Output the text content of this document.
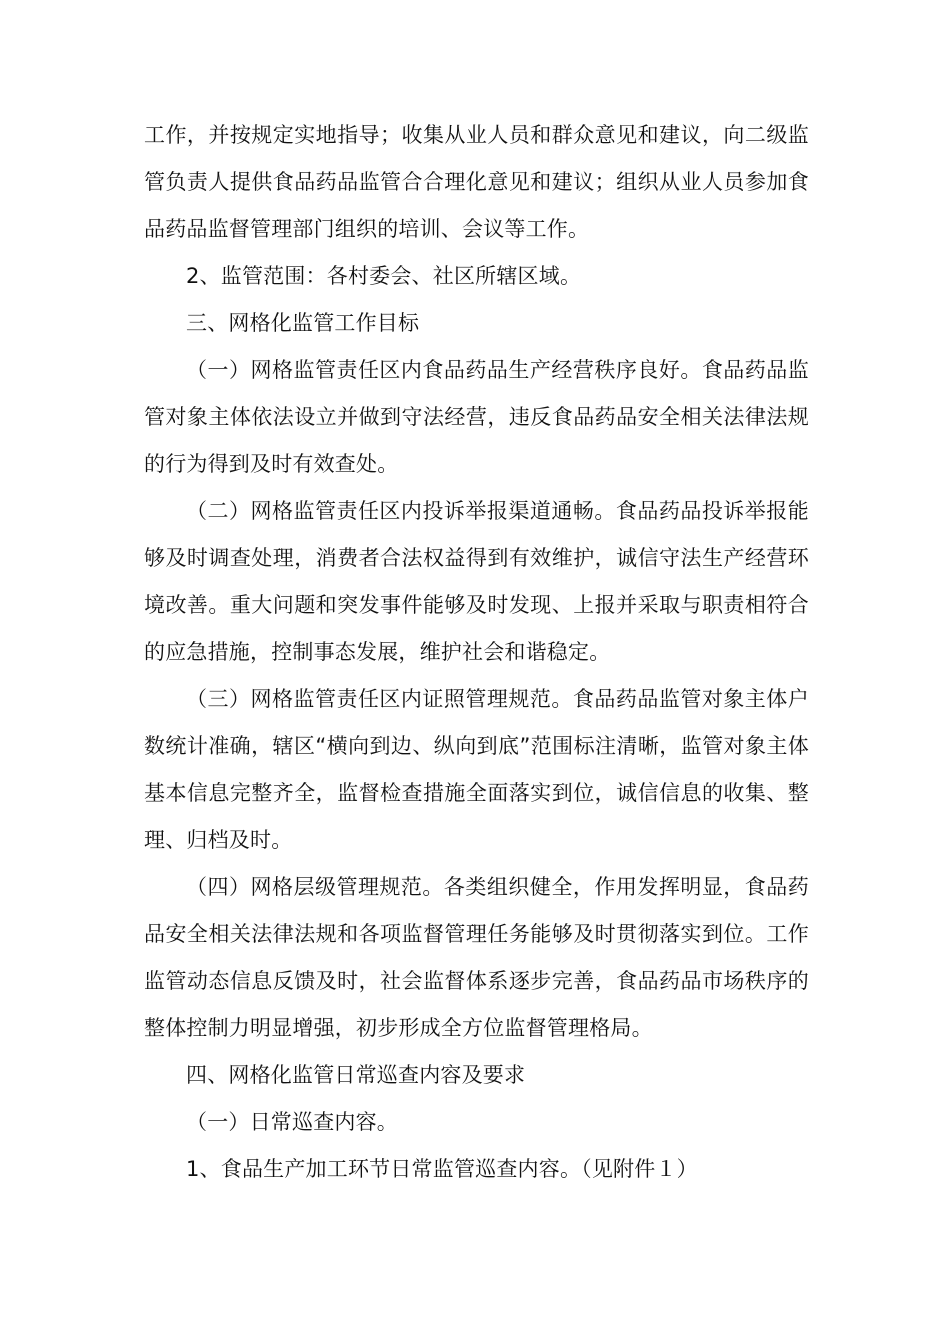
工作，并按规定实地指导；收集从业人员和群众意见和建议，向二级监管负责人提供食品药品监管合合理化意见和建议；组织从业人员参加食品药品监督管理部门组织的培训、会议等工作。

2、监管范围：各村委会、社区所辖区域。

三、网格化监管工作目标

（一）网格监管责任区内食品药品生产经营秩序良好。食品药品监管对象主体依法设立并做到守法经营，违反食品药品安全相关法律法规的行为得到及时有效查处。

（二）网格监管责任区内投诉举报渠道通畅。食品药品投诉举报能够及时调查处理，消费者合法权益得到有效维护，诚信守法生产经营环境改善。重大问题和突发事件能够及时发现、上报并采取与职责相符合的应急措施，控制事态发展，维护社会和谐稳定。

（三）网格监管责任区内证照管理规范。食品药品监管对象主体户数统计准确，辖区“横向到边、纵向到底”范围标注清晰，监管对象主体基本信息完整齐全，监督检查措施全面落实到位，诚信信息的收集、整理、归档及时。

（四）网格层级管理规范。各类组织健全，作用发挥明显，食品药品安全相关法律法规和各项监督管理任务能够及时贯彻落实到位。工作监管动态信息反馈及时，社会监督体系逐步完善，食品药品市场秩序的整体控制力明显增强，初步形成全方位监督管理格局。

四、网格化监管日常巡查内容及要求

（一）日常巡查内容。

1、食品生产加工环节日常监管巡查内容。（见附件１）
